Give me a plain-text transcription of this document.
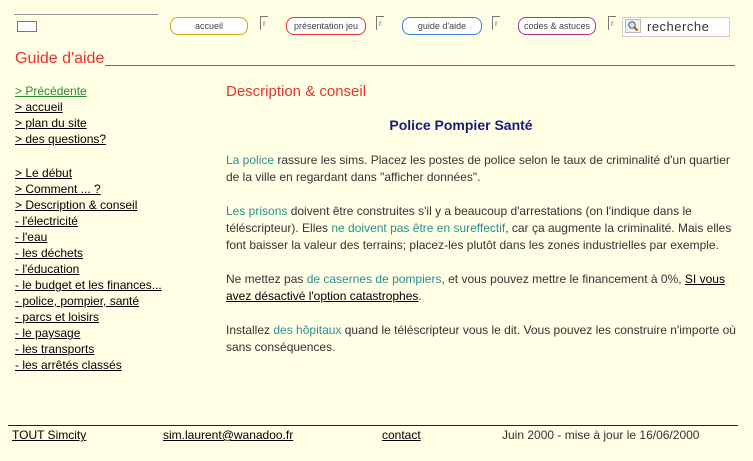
accueil	r	présentation jeu	r	guide d'aide	r	codes & astuces	r	recherche
Guide d'aide
> Précédente
> accueil
> plan du site
> des questions?
> Le début
> Comment ... ?
> Description & conseil
- l'électricité
- l'eau
- les déchets
- l'éducation
- le budget et les finances...
- police, pompier, santé
- parcs et loisirs
- le paysage
- les transports
- les arrêtés classés
Description & conseil
Police Pompier Santé

La police rassure les sims. Placez les postes de police selon le taux de criminalité d'un quartier de la ville en regardant dans "afficher données".

Les prisons doivent être construites s'il y a beaucoup d'arrestations (on l'indique dans le téléscripteur). Elles ne doivent pas être en sureffectif, car ça augmente la criminalité. Mais elles font baisser la valeur des terrains; placez-les plutôt dans les zones industrielles par exemple.

Ne mettez pas de casernes de pompiers, et vous pouvez mettre le financement à 0%, SI vous avez désactivé l'option catastrophes.

Installez des hôpitaux quand le téléscripteur vous le dit. Vous pouvez les construire n'importe où sans conséquences.

TOUT Simcity	sim.laurent@wanadoo.fr	contact	Juin 2000 - mise à jour le 16/06/2000
